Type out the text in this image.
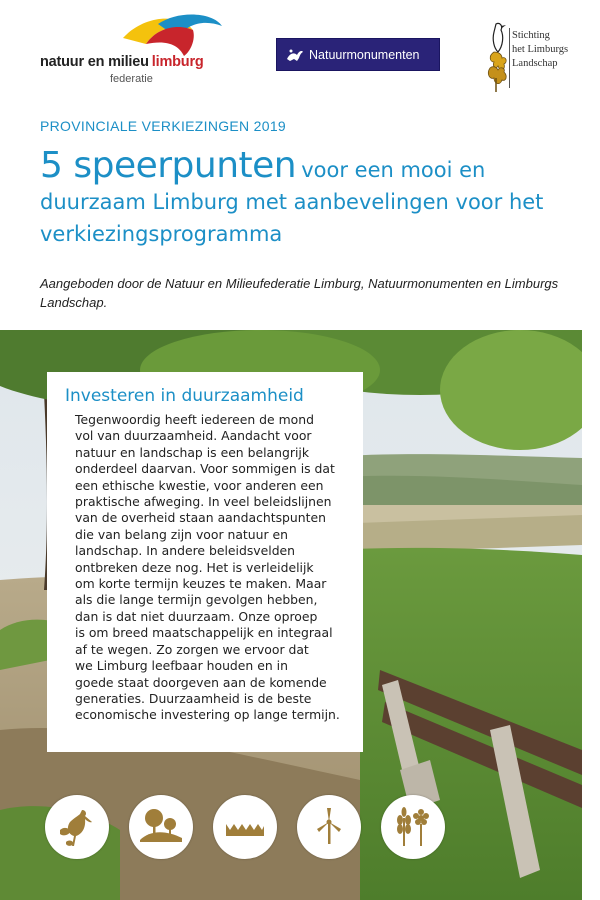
natuur en milieu limburg
federatie
Natuurmonumenten
Stichting
het Limburgs
Landschap
PROVINCIALE VERKIEZINGEN 2019
5 speerpunten voor een mooi en duurzaam Limburg met aanbevelingen voor het verkiezingsprogramma
Aangeboden door de Natuur en Milieufederatie Limburg, Natuurmonumenten en Limburgs Landschap.
Investeren in duurzaamheid
Tegenwoordig heeft iedereen de mond
vol van duurzaamheid. Aandacht voor
natuur en landschap is een belangrijk
onderdeel daarvan. Voor sommigen is dat
een ethische kwestie, voor anderen een
praktische afweging. In veel beleidslijnen
van de overheid staan aandachtspunten
die van belang zijn voor natuur en
landschap. In andere beleidsvelden
ontbreken deze nog. Het is verleidelijk
om korte termijn keuzes te maken. Maar
als die lange termijn gevolgen hebben,
dan is dat niet duurzaam. Onze oproep
is om breed maatschappelijk en integraal
af te wegen. Zo zorgen we ervoor dat
we Limburg leefbaar houden en in
goede staat doorgeven aan de komende
generaties. Duurzaamheid is de beste
economische investering op lange termijn.
